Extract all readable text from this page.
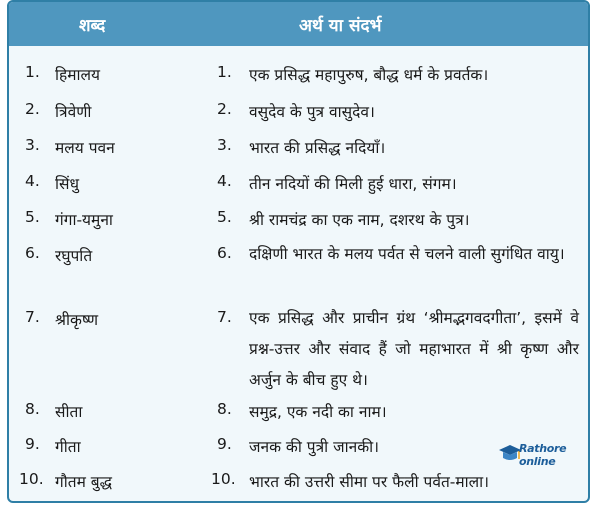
शब्द	अर्थ या संदर्भ
1. हिमालय	1. एक प्रसिद्ध महापुरुष, बौद्ध धर्म के प्रवर्तक।
2. त्रिवेणी	2. वसुदेव के पुत्र वासुदेव।
3. मलय पवन	3. भारत की प्रसिद्ध नदियाँ।
4. सिंधु	4. तीन नदियों की मिली हुई धारा, संगम।
5. गंगा-यमुना	5. श्री रामचंद्र का एक नाम, दशरथ के पुत्र।
6. रघुपति	6. दक्षिणी भारत के मलय पर्वत से चलने वाली सुगंधित वायु।
7. श्रीकृष्ण	7. एक प्रसिद्ध और प्राचीन ग्रंथ ‘श्रीमद्भगवदगीता’, इसमें वे प्रश्न-उत्तर और संवाद हैं जो महाभारत में श्री कृष्ण और अर्जुन के बीच हुए थे।
8. सीता	8. समुद्र, एक नदी का नाम।
9. गीता	9. जनक की पुत्री जानकी।
10. गौतम बुद्ध	10. भारत की उत्तरी सीमा पर फैली पर्वत-माला।
Rathore online
